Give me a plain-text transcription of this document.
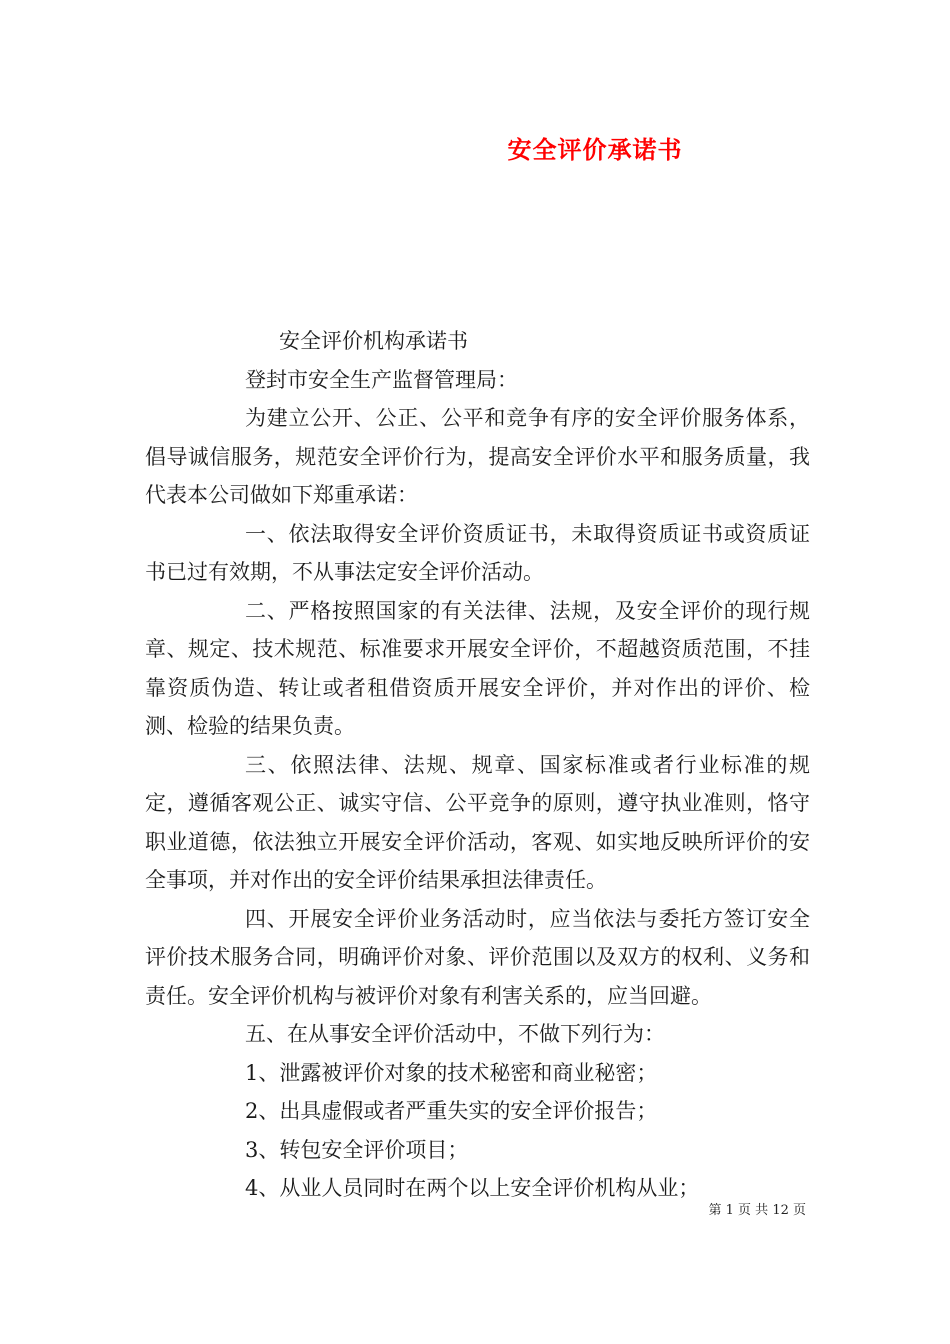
安全评价承诺书
安全评价机构承诺书
登封市安全生产监督管理局：

为建立公开、公正、公平和竞争有序的安全评价服务体系，倡导诚信服务，规范安全评价行为，提高安全评价水平和服务质量，我代表本公司做如下郑重承诺：

一、依法取得安全评价资质证书，未取得资质证书或资质证书已过有效期，不从事法定安全评价活动。

二、严格按照国家的有关法律、法规，及安全评价的现行规章、规定、技术规范、标准要求开展安全评价，不超越资质范围，不挂靠资质伪造、转让或者租借资质开展安全评价，并对作出的评价、检测、检验的结果负责。

三、依照法律、法规、规章、国家标准或者行业标准的规定，遵循客观公正、诚实守信、公平竞争的原则，遵守执业准则，恪守职业道德，依法独立开展安全评价活动，客观、如实地反映所评价的安全事项，并对作出的安全评价结果承担法律责任。

四、开展安全评价业务活动时，应当依法与委托方签订安全评价技术服务合同，明确评价对象、评价范围以及双方的权利、义务和责任。安全评价机构与被评价对象有利害关系的，应当回避。

五、在从事安全评价活动中，不做下列行为：
1、泄露被评价对象的技术秘密和商业秘密；
2、出具虚假或者严重失实的安全评价报告；
3、转包安全评价项目；
4、从业人员同时在两个以上安全评价机构从业；
第 1 页 共 12 页
